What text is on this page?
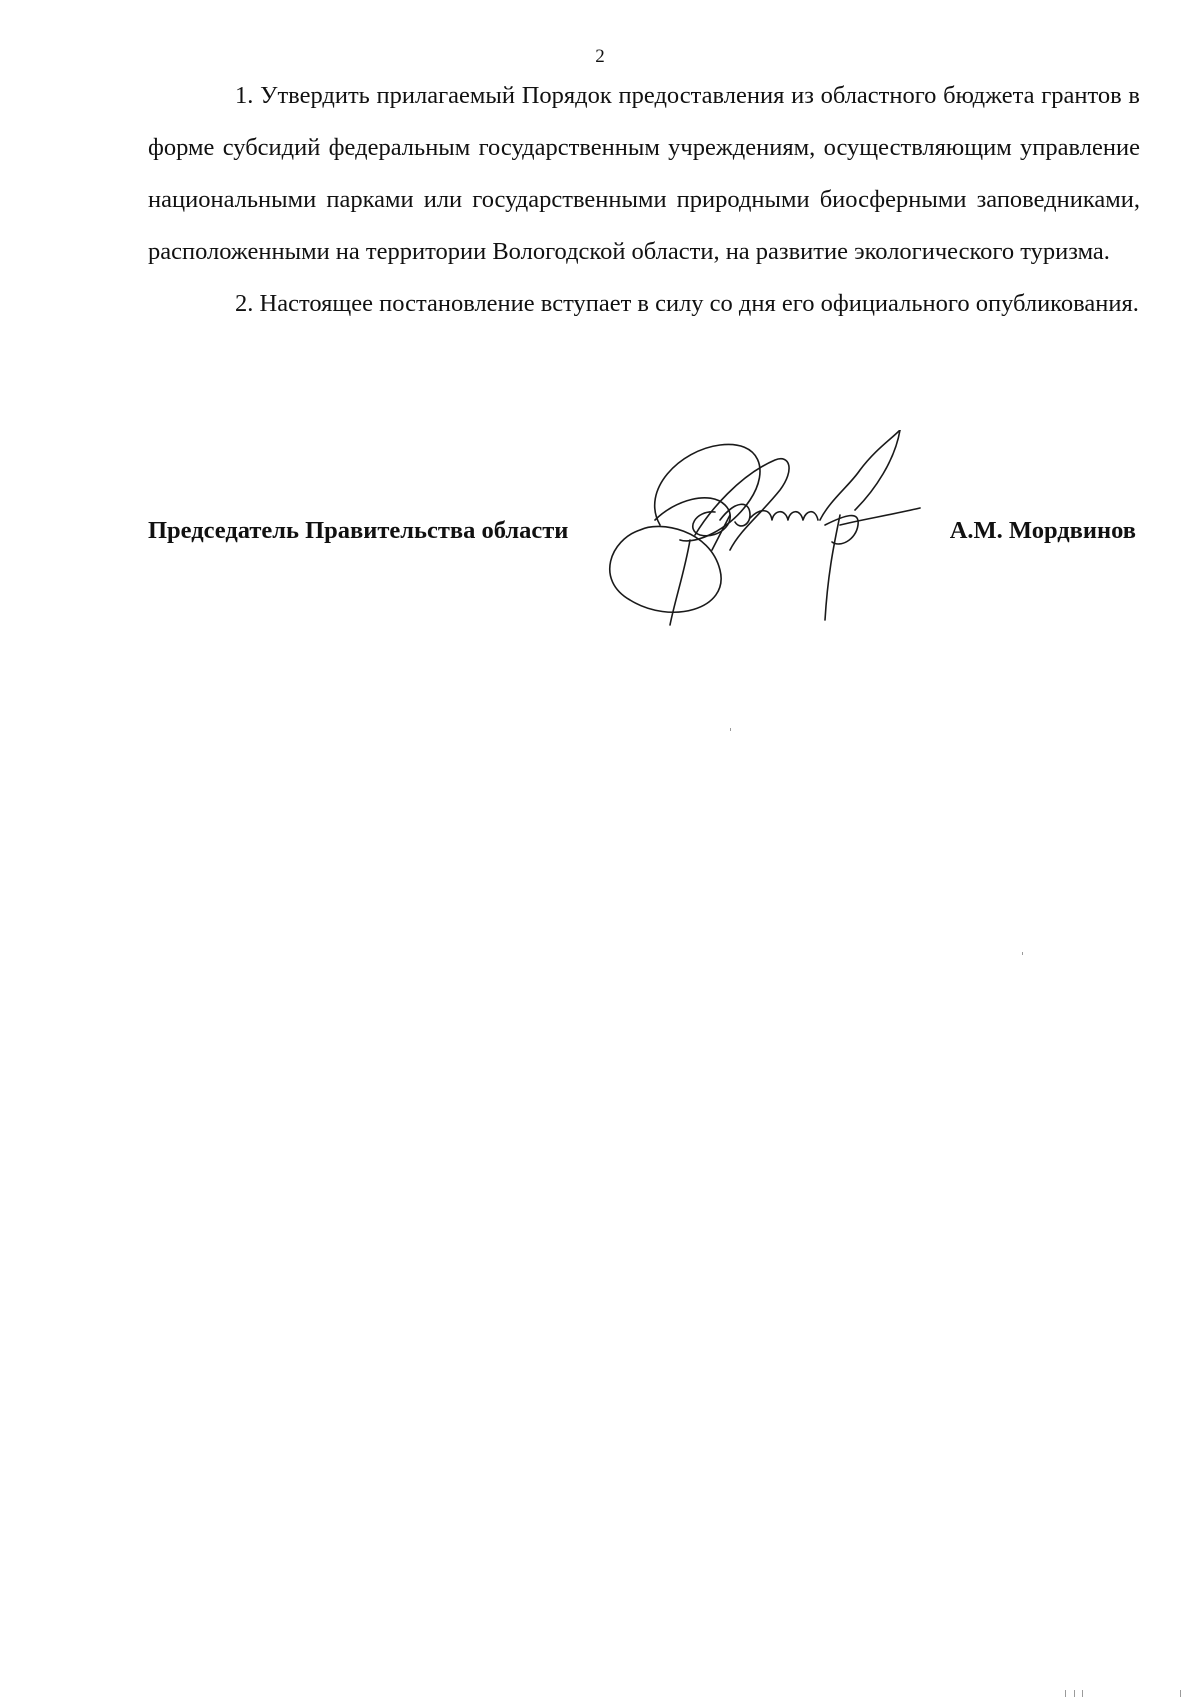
2

1. Утвердить прилагаемый Порядок предоставления из областного бюджета грантов в форме субсидий федеральным государственным учреждениям, осуществляющим управление национальными парками или государственными природными биосферными заповедниками, расположенными на территории Вологодской области, на развитие экологического туризма.

2. Настоящее постановление вступает в силу со дня его официального опубликования.

Председатель Правительства области	А.М. Мордвинов
